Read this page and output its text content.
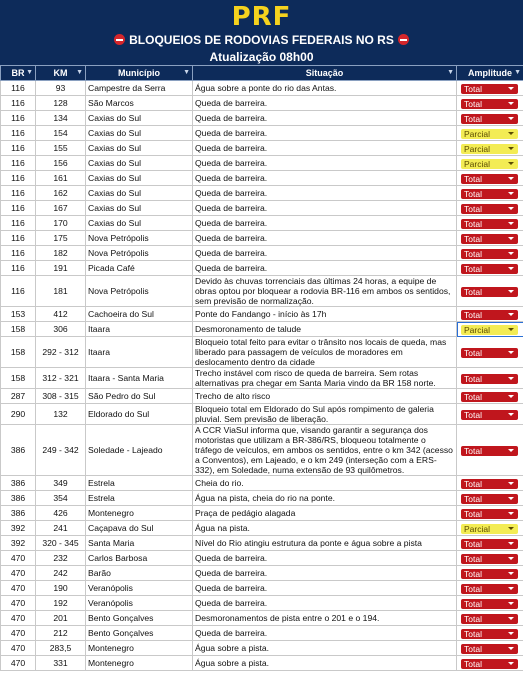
PRF
BLOQUEIOS DE RODOVIAS FEDERAIS NO RS
Atualização 08h00
BR ▼	KM ▼	Município ▼	Situação ▼	Amplitude ▼

116	93	Campestre da Serra	Água sobre a ponte do rio das Antas.	Total

116	128	São Marcos	Queda de barreira.	Total

116	134	Caxias do Sul	Queda de barreira.	Total

116	154	Caxias do Sul	Queda de barreira.	Parcial

116	155	Caxias do Sul	Queda de barreira.	Parcial

116	156	Caxias do Sul	Queda de barreira.	Parcial

116	161	Caxias do Sul	Queda de barreira.	Total

116	162	Caxias do Sul	Queda de barreira.	Total

116	167	Caxias do Sul	Queda de barreira.	Total

116	170	Caxias do Sul	Queda de barreira.	Total

116	175	Nova Petrópolis	Queda de barreira.	Total

116	182	Nova Petrópolis	Queda de barreira.	Total

116	191	Picada Café	Queda de barreira.	Total

116	181	Nova Petrópolis	Devido às chuvas torrenciais das últimas 24 horas, a equipe de obras optou por bloquear a rodovia BR-116 em ambos os sentidos, sem previsão de normalização.	Total

153	412	Cachoeira do Sul	Ponte do Fandango - início às 17h	Total

158	306	Itaara	Desmoronamento de talude	Parcial

158	292 - 312	Itaara	Bloqueio total feito para evitar o trânsito nos locais de queda, mas liberado para passagem de veículos de moradores em deslocamento dentro da cidade	Total

158	312 - 321	Itaara - Santa Maria	Trecho instável com risco de queda de barreira. Sem rotas alternativas pra chegar em Santa Maria vindo da BR 158 norte.	Total

287	308 - 315	São Pedro do Sul	Trecho de alto risco	Total

290	132	Eldorado do Sul	Bloqueio total em Eldorado do Sul após rompimento de galeria pluvial. Sem previsão de liberação.	Total

386	249 - 342	Soledade - Lajeado	A CCR ViaSul informa que, visando garantir a segurança dos motoristas que utilizam a BR-386/RS, bloqueou totalmente o tráfego de veículos, em ambos os sentidos, entre o km 342 (acesso a Conventos), em Lajeado, e o km 249 (interseção com a ERS-332), em Soledade, numa extensão de 93 quilômetros.	Total

386	349	Estrela	Cheia do rio.	Total

386	354	Estrela	Água na pista, cheia do rio na ponte.	Total

386	426	Montenegro	Praça de pedágio alagada	Total

392	241	Caçapava do Sul	Água na pista.	Parcial

392	320 - 345	Santa Maria	Nível do Rio atingiu estrutura da ponte e água sobre a pista	Total

470	232	Carlos Barbosa	Queda de barreira.	Total

470	242	Barão	Queda de barreira.	Total

470	190	Veranópolis	Queda de barreira.	Total

470	192	Veranópolis	Queda de barreira.	Total

470	201	Bento Gonçalves	Desmoronamentos de pista entre o 201 e o 194.	Total

470	212	Bento Gonçalves	Queda de barreira.	Total

470	283,5	Montenegro	Água sobre a pista.	Total

470	331	Montenegro	Água sobre a pista.	Total
